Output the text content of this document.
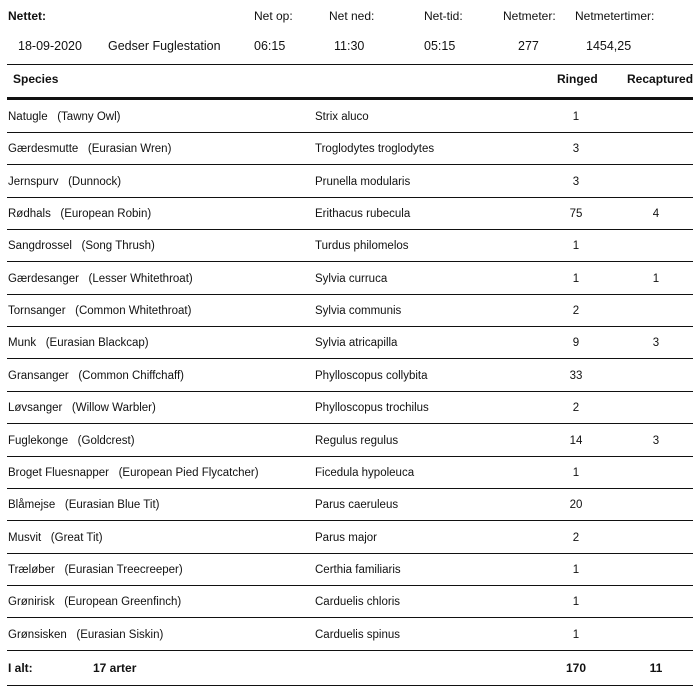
Nettet:	Net op:	Net ned:	Net-tid:	Netmeter: Netmetertimer:
18-09-2020 Gedser Fuglestation	06:15	11:30	05:15	277	1454,25
Species	Ringed Recaptured
Natugle   (Tawny Owl)	Strix aluco	1
Gærdesmutte   (Eurasian Wren)	Troglodytes troglodytes	3
Jernspurv   (Dunnock)	Prunella modularis	3
Rødhals   (European Robin)	Erithacus rubecula	75	4
Sangdrossel   (Song Thrush)	Turdus philomelos	1
Gærdesanger   (Lesser Whitethroat)	Sylvia curruca	1	1
Tornsanger   (Common Whitethroat)	Sylvia communis	2
Munk   (Eurasian Blackcap)	Sylvia atricapilla	9	3
Gransanger   (Common Chiffchaff)	Phylloscopus collybita	33
Løvsanger   (Willow Warbler)	Phylloscopus trochilus	2
Fuglekonge   (Goldcrest)	Regulus regulus	14	3
Broget Fluesnapper   (European Pied Flycatcher)	Ficedula hypoleuca	1
Blåmejse   (Eurasian Blue Tit)	Parus caeruleus	20
Musvit   (Great Tit)	Parus major	2
Træløber   (Eurasian Treecreeper)	Certhia familiaris	1
Grønirisk   (European Greenfinch)	Carduelis chloris	1
Grønsisken   (Eurasian Siskin)	Carduelis spinus	1
I alt:	17 arter	170	11
